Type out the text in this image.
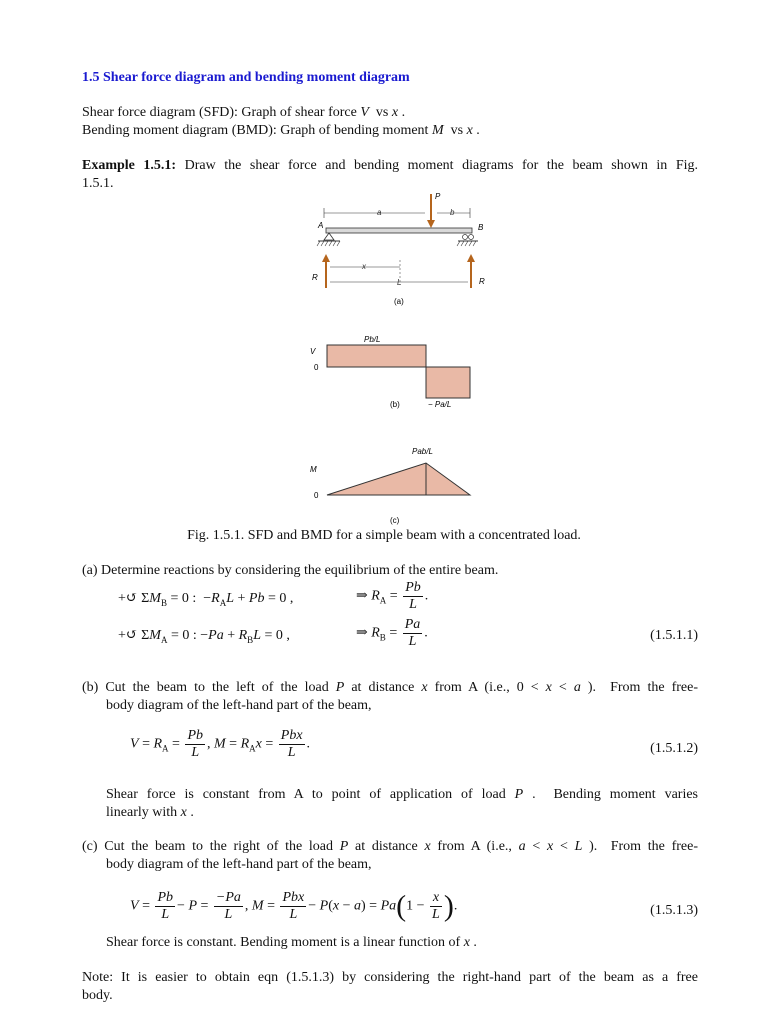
1.5 Shear force diagram and bending moment diagram
Shear force diagram (SFD): Graph of shear force V  vs x .
Bending moment diagram (BMD): Graph of bending moment M  vs x .
Example 1.5.1: Draw the shear force and bending moment diagrams for the beam shown in Fig.
1.5.1.
P
a	b
A	B
R	R
x
L
(a)
Pb/L
V
0
(b)	− Pa/L
Pab/L
M
0
(c)
Fig. 1.5.1. SFD and BMD for a simple beam with a concentrated load.
(a) Determine reactions by considering the equilibrium of the entire beam.
+↺ $\Sigma M_B = 0$ :  $-R_AL + Pb = 0$ ,	⇒ $R_A = \frac{Pb}{L}$ .
+↺ $\Sigma M_A = 0$ : $-Pa + R_BL = 0$ ,	⇒ $R_B = \frac{Pa}{L}$ .	(1.5.1.1)
(b) Cut the beam to the left of the load P at distance x from A (i.e., 0 < x < a ).  From the free-
body diagram of the left-hand part of the beam,
$V = R_A = \frac{Pb}{L}$ , $M = R_Ax = \frac{\text{Pbx}}{L}$ .	(1.5.1.2)
Shear force is constant from A to point of application of load P .  Bending moment varies
linearly with x .
(c) Cut the beam to the right of the load P at distance x from A (i.e., a < x < L ).  From the free-
body diagram of the left-hand part of the beam,
$V = \frac{Pb}{L} - P = \frac{-Pa}{L}$ , $M = \frac{\text{Pbx}}{L} - P(x - a) = Pa(1 - \frac{x}{L}$ ).	(1.5.1.3)
Shear force is constant. Bending moment is a linear function of x .
Note: It is easier to obtain eqn (1.5.1.3) by considering the right-hand part of the beam as a free
body.
